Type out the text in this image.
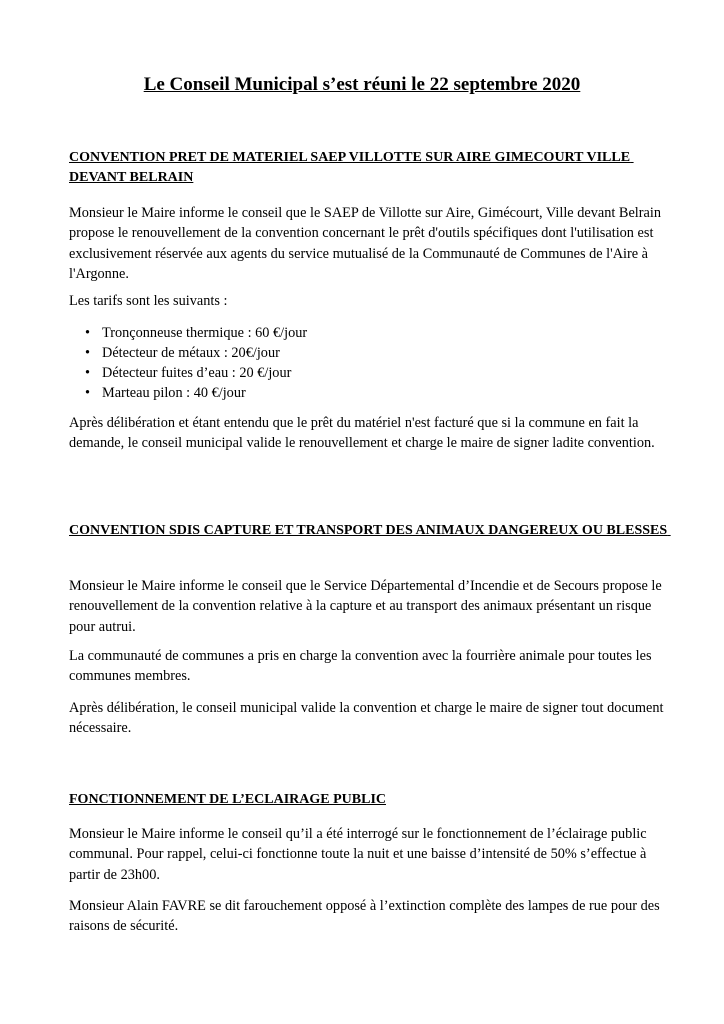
Le Conseil Municipal s’est réuni le 22 septembre 2020
CONVENTION PRET DE MATERIEL SAEP VILLOTTE SUR AIRE GIMECOURT VILLE DEVANT BELRAIN

Monsieur le Maire informe le conseil que le SAEP de Villotte sur Aire, Gimécourt, Ville devant Belrain propose le renouvellement de la convention concernant le prêt d'outils spécifiques dont l'utilisation est exclusivement réservée aux agents du service mutualisé de la Communauté de Communes de l'Aire à l'Argonne.

Les tarifs sont les suivants :

• Tronçonneuse thermique : 60 €/jour
• Détecteur de métaux : 20€/jour
• Détecteur fuites d’eau : 20 €/jour
• Marteau pilon : 40 €/jour

Après délibération et étant entendu que le prêt du matériel n'est facturé que si la commune en fait la demande, le conseil municipal valide le renouvellement et charge le maire de signer ladite convention.

CONVENTION SDIS CAPTURE ET TRANSPORT DES ANIMAUX DANGEREUX OU BLESSES

Monsieur le Maire informe le conseil que le Service Départemental d’Incendie et de Secours propose le renouvellement de la convention relative à la capture et au transport des animaux présentant un risque pour autrui.

La communauté de communes a pris en charge la convention avec la fourrière animale pour toutes les communes membres.

Après délibération, le conseil municipal valide la convention et charge le maire de signer tout document nécessaire.

FONCTIONNEMENT DE L’ECLAIRAGE PUBLIC

Monsieur le Maire informe le conseil qu’il a été interrogé sur le fonctionnement de l’éclairage public communal. Pour rappel, celui-ci fonctionne toute la nuit et une baisse d’intensité de 50% s’effectue à partir de 23h00.

Monsieur Alain FAVRE se dit farouchement opposé à l’extinction complète des lampes de rue pour des raisons de sécurité.
